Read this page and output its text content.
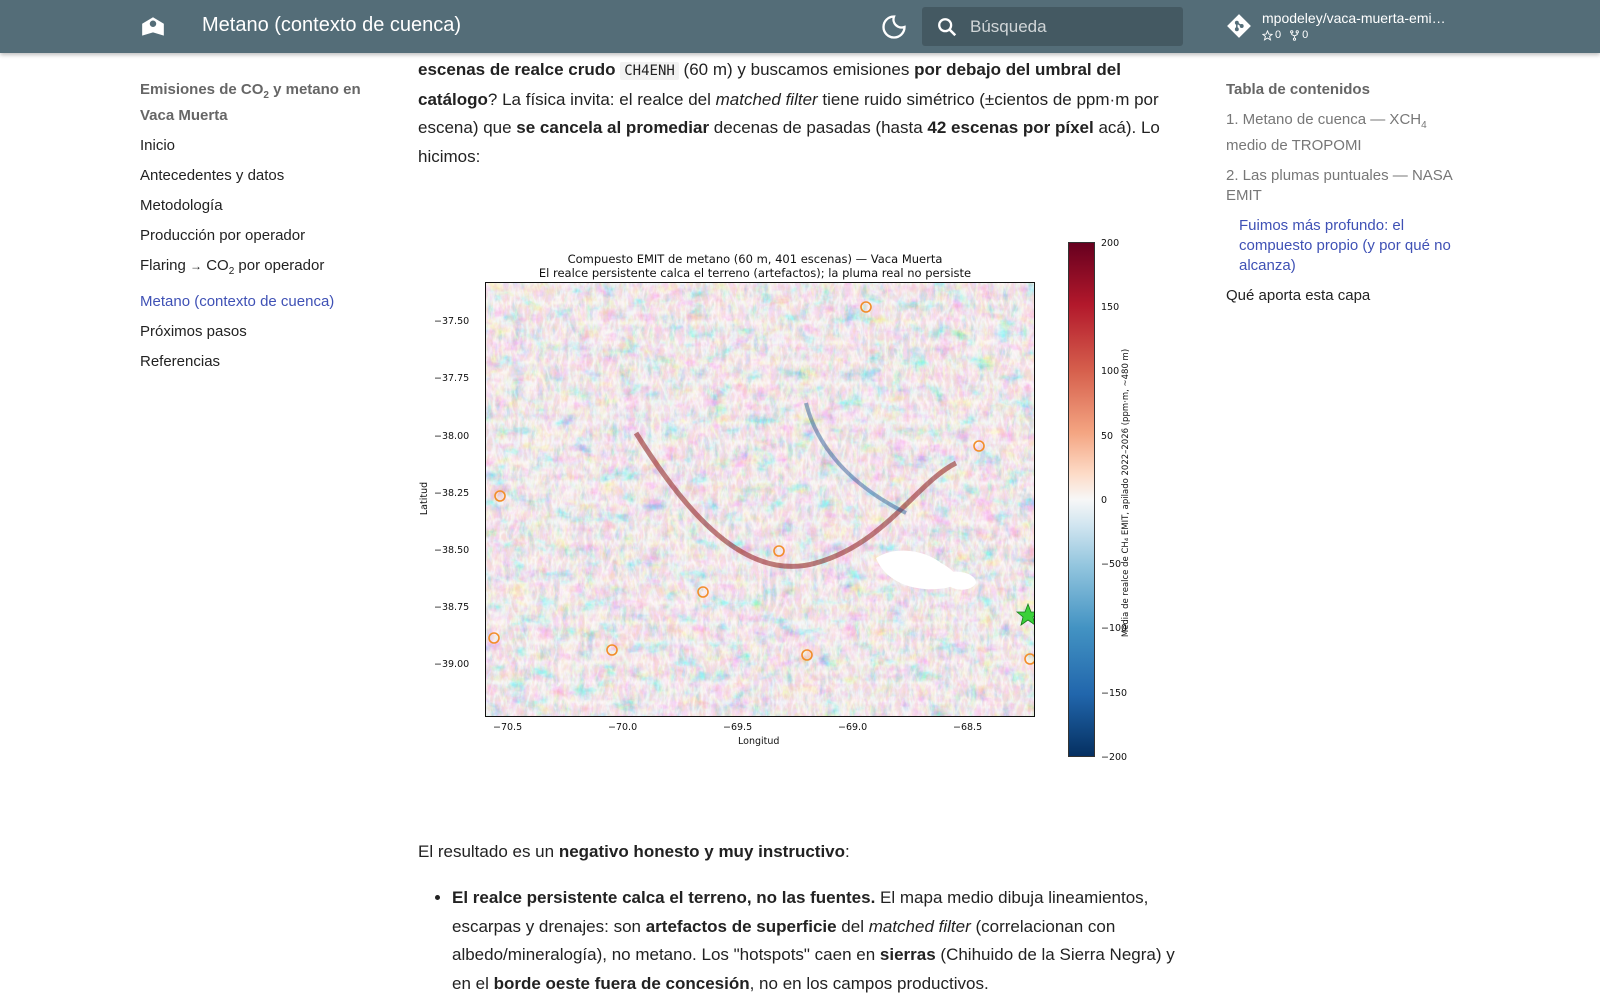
Metano (contexto de cuenca)
Búsqueda	mpodeley/vaca-muerta-emi…
0 0
Emisiones de $CO_2$ y metano en Vaca Muerta
Inicio
Antecedentes y datos
Metodología
Producción por operador
Flaring → $CO_2$ por operador
Metano (contexto de cuenca)
Próximos pasos
Referencias
Tabla de contenidos
1. Metano de cuenca — $XCH_4$ medio de TROPOMI
2. Las plumas puntuales — NASA EMIT
Fuimos más profundo: el compuesto propio (y por qué no alcanza)
Qué aporta esta capa

escenas de realce crudo CH4ENH (60 m) y buscamos emisiones por debajo del umbral del catálogo? La física invita: el realce del matched filter tiene ruido simétrico (±cientos de ppm·m por escena) que se cancela al promediar decenas de pasadas (hasta 42 escenas por píxel acá). Lo hicimos:

Compuesto EMIT de metano (60 m, 401 escenas) — Vaca Muerta
El realce persistente calca el terreno (artefactos); la pluma real no persiste
−37.50
−37.75
−38.00
−38.25
−38.50
−38.75
−39.00
Latitud
−70.5	−70.0	−69.5	−69.0	−68.5
Longitud
200
150
100
50
0
−50
−100
−150
−200
Media de realce de CH₄ EMIT, apilado 2022–2026 (ppm·m, ~480 m)
El resultado es un negativo honesto y muy instructivo:
• El realce persistente calca el terreno, no las fuentes. El mapa medio dibuja lineamientos, escarpas y drenajes: son artefactos de superficie del matched filter (correlacionan con albedo/mineralogía), no metano. Los "hotspots" caen en sierras (Chihuido de la Sierra Negra) y en el borde oeste fuera de concesión, no en los campos productivos.
